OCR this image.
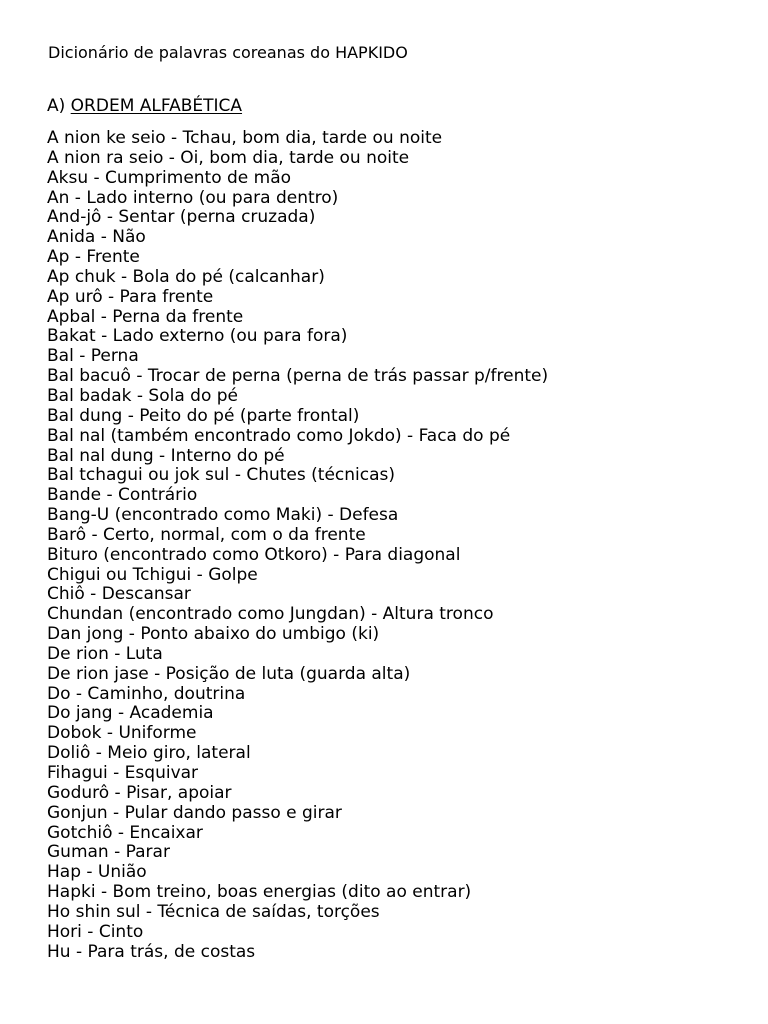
Dicionário de palavras coreanas do HAPKIDO
A) ORDEM ALFABÉTICA
A nion ke seio - Tchau, bom dia, tarde ou noite
A nion ra seio - Oi, bom dia, tarde ou noite
Aksu - Cumprimento de mão
An - Lado interno (ou para dentro)
And-jô - Sentar (perna cruzada)
Anida - Não
Ap - Frente
Ap chuk - Bola do pé (calcanhar)
Ap urô - Para frente
Apbal - Perna da frente
Bakat - Lado externo (ou para fora)
Bal - Perna
Bal bacuô - Trocar de perna (perna de trás passar p/frente)
Bal badak - Sola do pé
Bal dung - Peito do pé (parte frontal)
Bal nal (também encontrado como Jokdo) - Faca do pé
Bal nal dung - Interno do pé
Bal tchagui ou jok sul - Chutes (técnicas)
Bande - Contrário
Bang-U (encontrado como Maki) - Defesa
Barô - Certo, normal, com o da frente
Bituro (encontrado como Otkoro) - Para diagonal
Chigui ou Tchigui - Golpe
Chiô - Descansar
Chundan (encontrado como Jungdan) - Altura tronco
Dan jong - Ponto abaixo do umbigo (ki)
De rion - Luta
De rion jase - Posição de luta (guarda alta)
Do - Caminho, doutrina
Do jang - Academia
Dobok - Uniforme
Doliô - Meio giro, lateral
Fihagui - Esquivar
Godurô - Pisar, apoiar
Gonjun - Pular dando passo e girar
Gotchiô - Encaixar
Guman - Parar
Hap - União
Hapki - Bom treino, boas energias (dito ao entrar)
Ho shin sul - Técnica de saídas, torções
Hori - Cinto
Hu - Para trás, de costas
